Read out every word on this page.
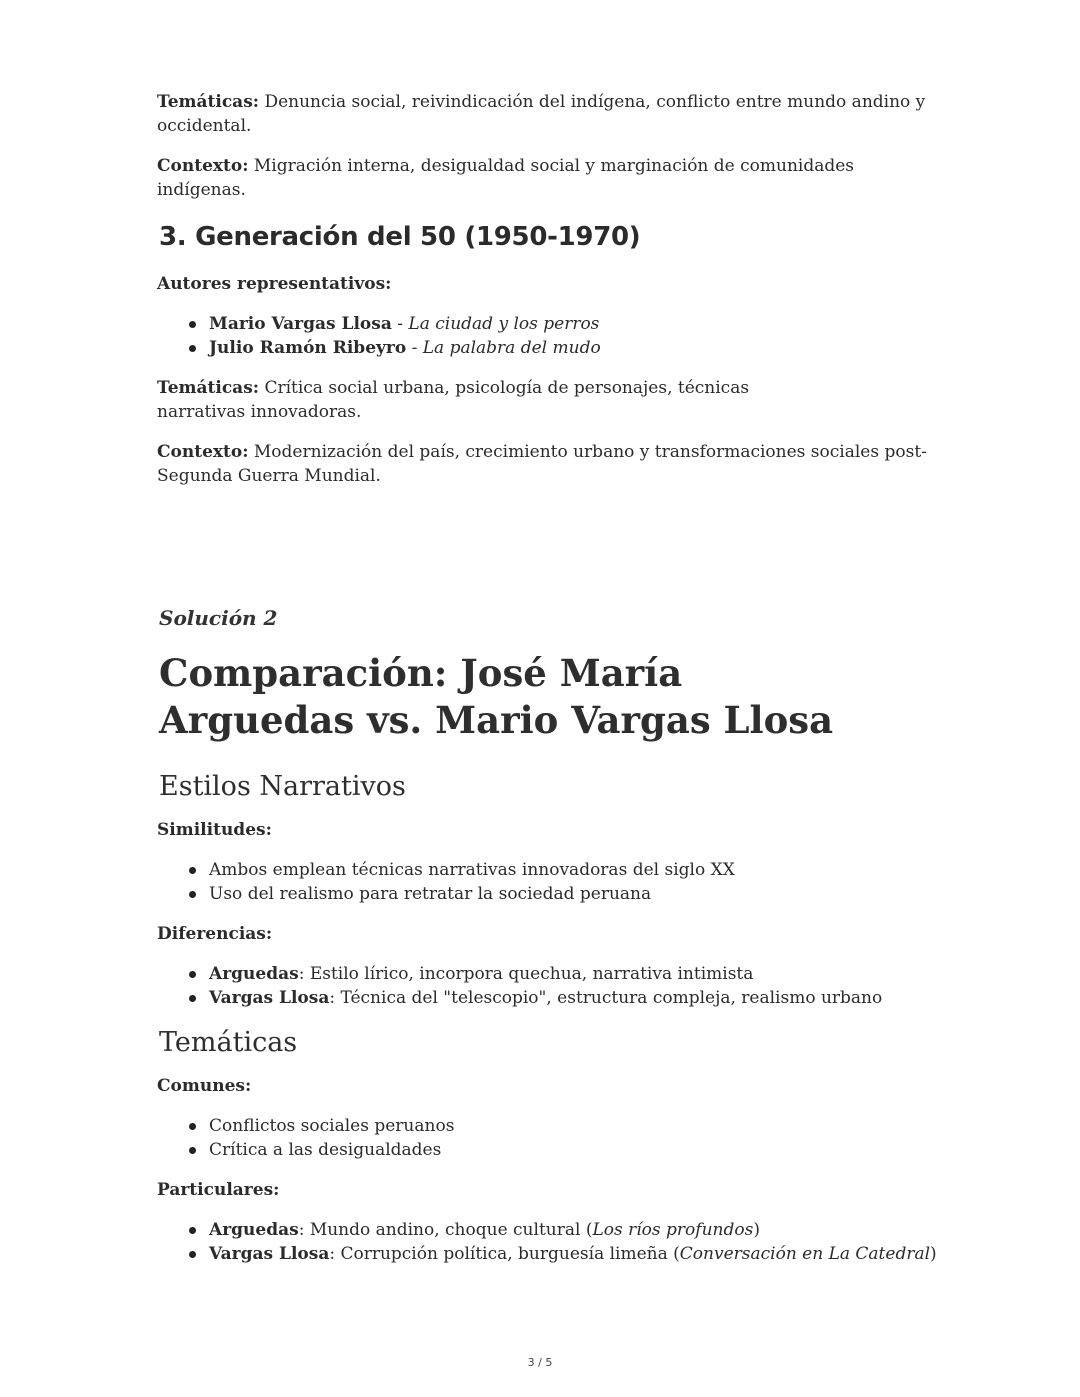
Temáticas: Denuncia social, reivindicación del indígena, conflicto entre mundo andino y occidental.

Contexto: Migración interna, desigualdad social y marginación de comunidades indígenas.

3. Generación del 50 (1950-1970)
Autores representativos:
Mario Vargas Llosa - La ciudad y los perros
Julio Ramón Ribeyro - La palabra del mudo

Temáticas: Crítica social urbana, psicología de personajes, técnicas narrativas innovadoras.

Contexto: Modernización del país, crecimiento urbano y transformaciones sociales post-Segunda Guerra Mundial.

Solución 2
Comparación: José María Arguedas vs. Mario Vargas Llosa
Estilos Narrativos
Similitudes:
Ambos emplean técnicas narrativas innovadoras del siglo XX
Uso del realismo para retratar la sociedad peruana
Diferencias:
Arguedas: Estilo lírico, incorpora quechua, narrativa intimista
Vargas Llosa: Técnica del "telescopio", estructura compleja, realismo urbano
Temáticas
Comunes:
Conflictos sociales peruanos
Crítica a las desigualdades
Particulares:
Arguedas: Mundo andino, choque cultural (Los ríos profundos)
Vargas Llosa: Corrupción política, burguesía limeña (Conversación en La Catedral)
3 / 5
